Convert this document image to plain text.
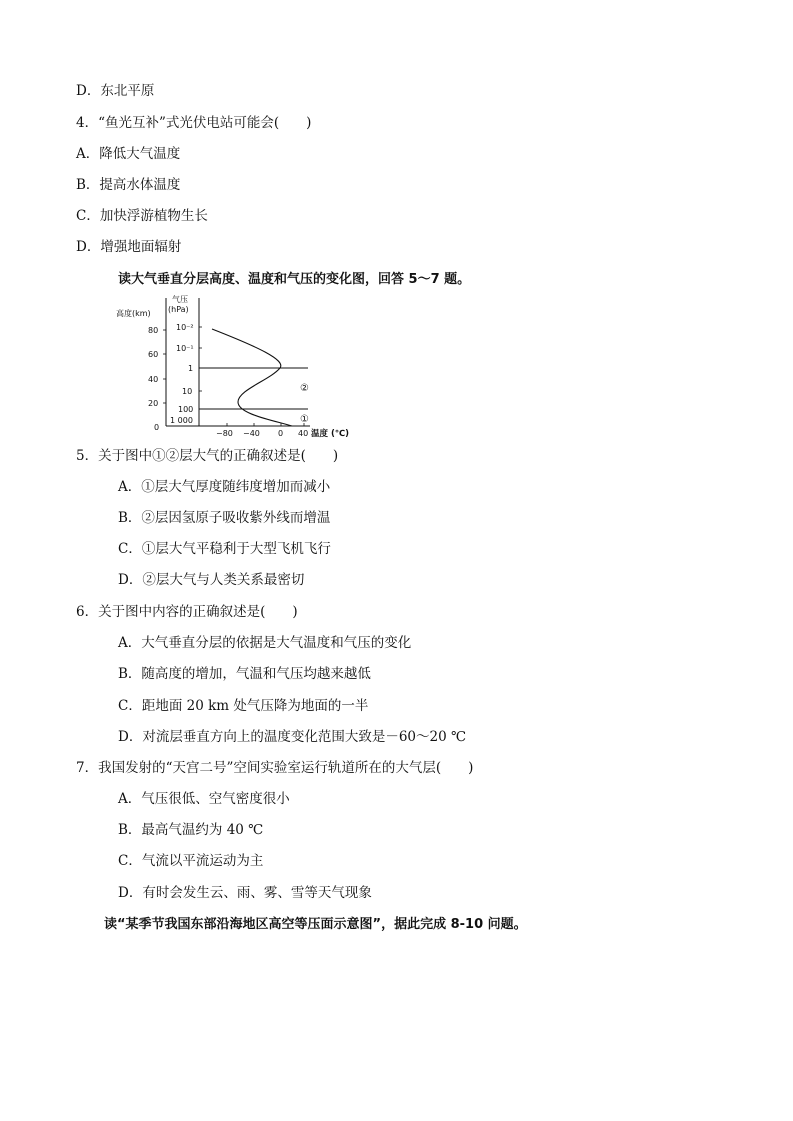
D．东北平原
4．“鱼光互补”式光伏电站可能会(　　)
A．降低大气温度
B．提高水体温度
C．加快浮游植物生长
D．增强地面辐射
读大气垂直分层高度、温度和气压的变化图，回答 5～7 题。
高度(km)
气压
(hPa)
80
60
40
20
0
10⁻²
10⁻¹
1
10
100
1 000
−80 −40 0 40 温度 (℃)
②
①
5．关于图中①②层大气的正确叙述是(　　)
A．①层大气厚度随纬度增加而减小
B．②层因氢原子吸收紫外线而增温
C．①层大气平稳利于大型飞机飞行
D．②层大气与人类关系最密切
6．关于图中内容的正确叙述是(　　)
A．大气垂直分层的依据是大气温度和气压的变化
B．随高度的增加，气温和气压均越来越低
C．距地面 20 km 处气压降为地面的一半
D．对流层垂直方向上的温度变化范围大致是－60～20 ℃
7．我国发射的“天宫二号”空间实验室运行轨道所在的大气层(　　)
A．气压很低、空气密度很小
B．最高气温约为 40 ℃
C．气流以平流运动为主
D．有时会发生云、雨、雾、雪等天气现象
读“某季节我国东部沿海地区高空等压面示意图”，据此完成 8-10 问题。
